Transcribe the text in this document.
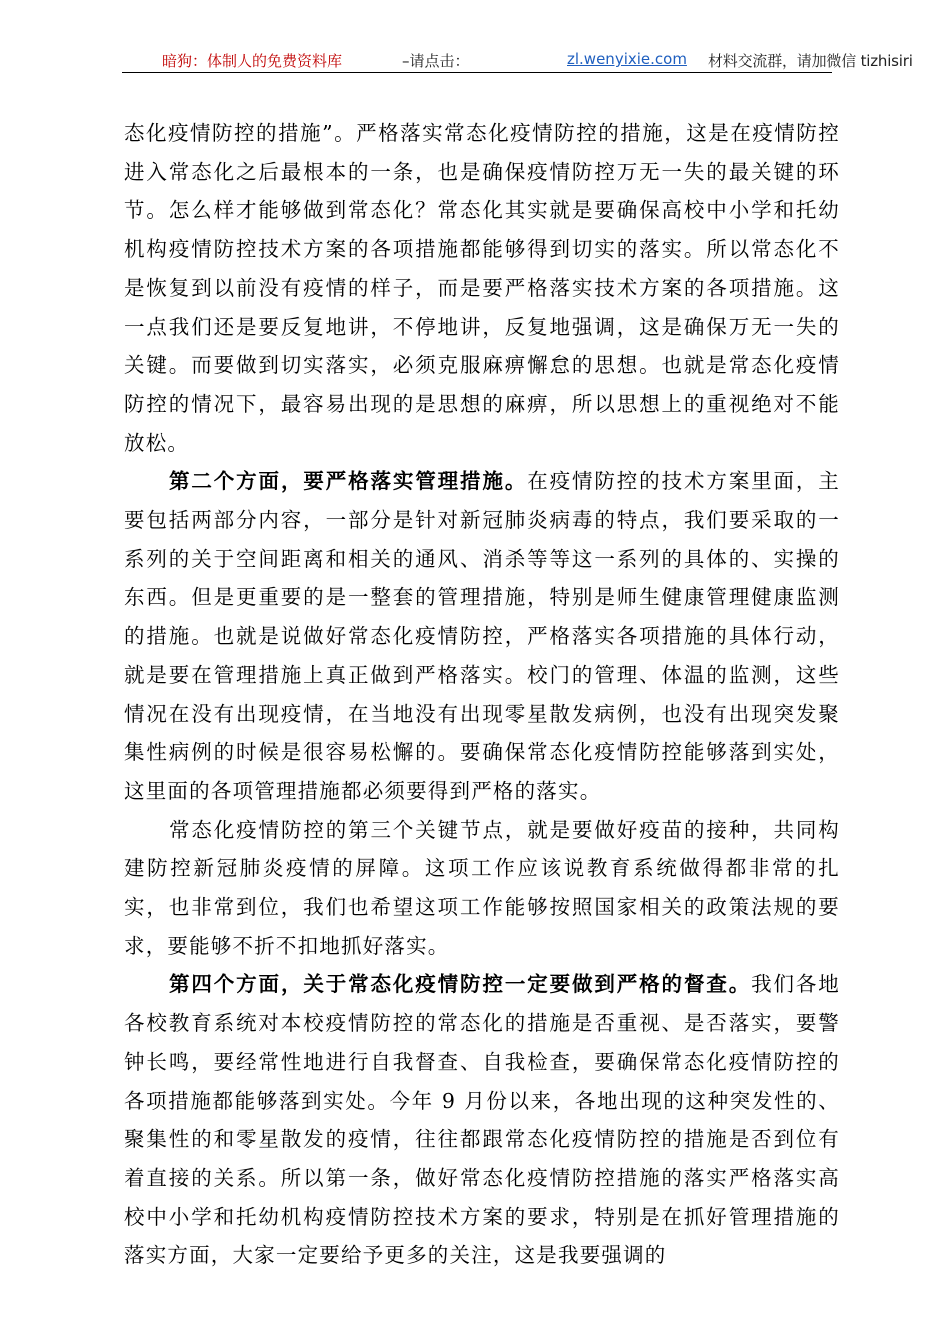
暗狗：体制人的免费资料库	–请点击：	zl.wenyixie.com 材料交流群，请加微信 tizhisiri

态化疫情防控的措施”。严格落实常态化疫情防控的措施，这是在疫情防控进入常态化之后最根本的一条，也是确保疫情防控万无一失的最关键的环节。怎么样才能够做到常态化？常态化其实就是要确保高校中小学和托幼机构疫情防控技术方案的各项措施都能够得到切实的落实。所以常态化不是恢复到以前没有疫情的样子，而是要严格落实技术方案的各项措施。这一点我们还是要反复地讲，不停地讲，反复地强调，这是确保万无一失的关键。而要做到切实落实，必须克服麻痹懈怠的思想。也就是常态化疫情防控的情况下，最容易出现的是思想的麻痹，所以思想上的重视绝对不能放松。

第二个方面，要严格落实管理措施。在疫情防控的技术方案里面，主要包括两部分内容，一部分是针对新冠肺炎病毒的特点，我们要采取的一系列的关于空间距离和相关的通风、消杀等等这一系列的具体的、实操的东西。但是更重要的是一整套的管理措施，特别是师生健康管理健康监测的措施。也就是说做好常态化疫情防控，严格落实各项措施的具体行动，就是要在管理措施上真正做到严格落实。校门的管理、体温的监测，这些情况在没有出现疫情，在当地没有出现零星散发病例，也没有出现突发聚集性病例的时候是很容易松懈的。要确保常态化疫情防控能够落到实处，这里面的各项管理措施都必须要得到严格的落实。

常态化疫情防控的第三个关键节点，就是要做好疫苗的接种，共同构建防控新冠肺炎疫情的屏障。这项工作应该说教育系统做得都非常的扎实，也非常到位，我们也希望这项工作能够按照国家相关的政策法规的要求，要能够不折不扣地抓好落实。

第四个方面，关于常态化疫情防控一定要做到严格的督查。我们各地各校教育系统对本校疫情防控的常态化的措施是否重视、是否落实，要警钟长鸣，要经常性地进行自我督查、自我检查，要确保常态化疫情防控的各项措施都能够落到实处。今年 9 月份以来，各地出现的这种突发性的、聚集性的和零星散发的疫情，往往都跟常态化疫情防控的措施是否到位有着直接的关系。所以第一条，做好常态化疫情防控措施的落实严格落实高校中小学和托幼机构疫情防控技术方案的要求，特别是在抓好管理措施的落实方面，大家一定要给予更多的关注，这是我要强调的
